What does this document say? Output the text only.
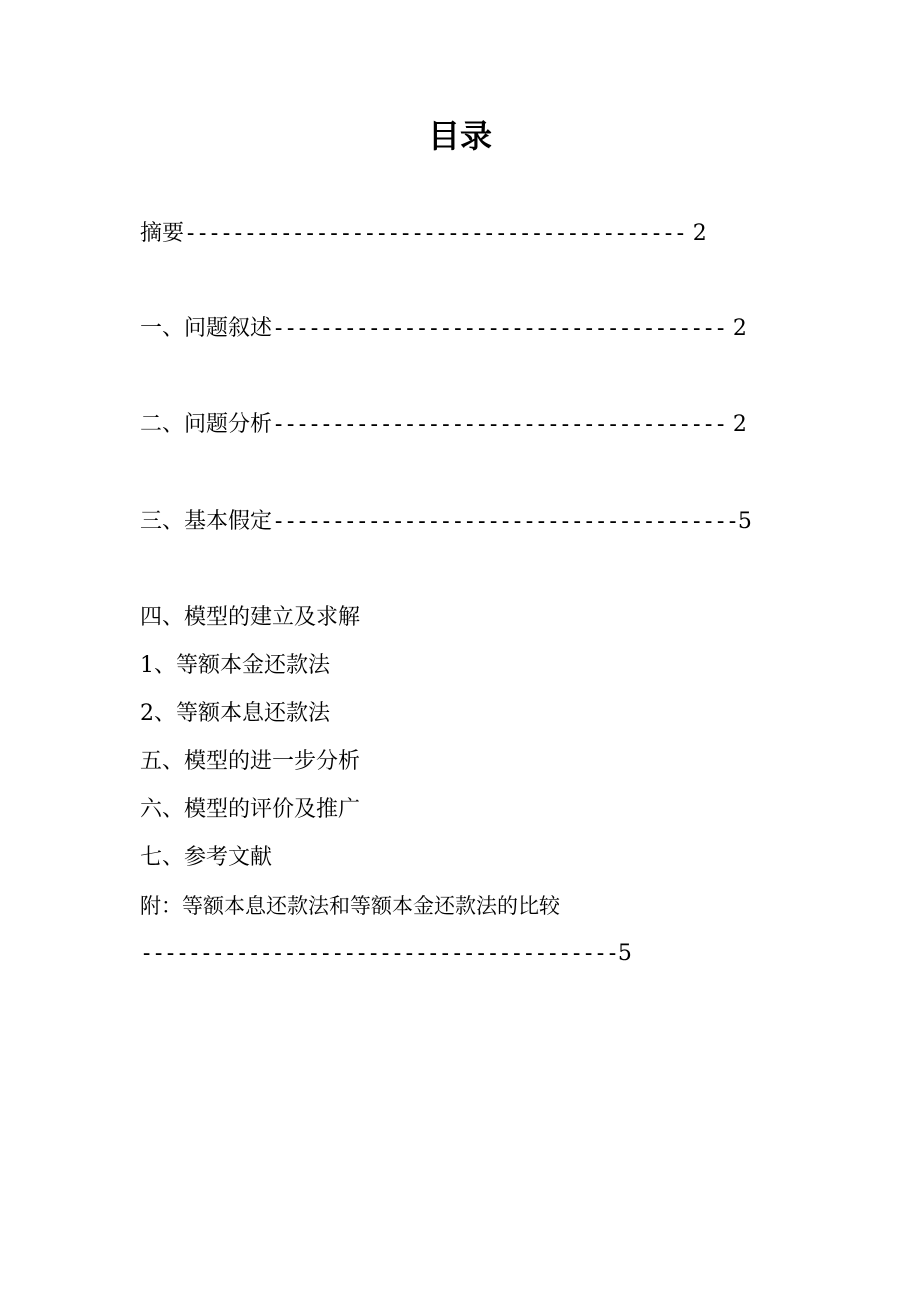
目录
摘要------------------------------------------ 2
一、问题叙述-------------------------------------- 2
二、问题分析-------------------------------------- 2
三、基本假定---------------------------------------5
四、模型的建立及求解
1、等额本金还款法
2、等额本息还款法
五、模型的进一步分析
六、模型的评价及推广
七、参考文献
附：等额本息还款法和等额本金还款法的比较
----------------------------------------5
